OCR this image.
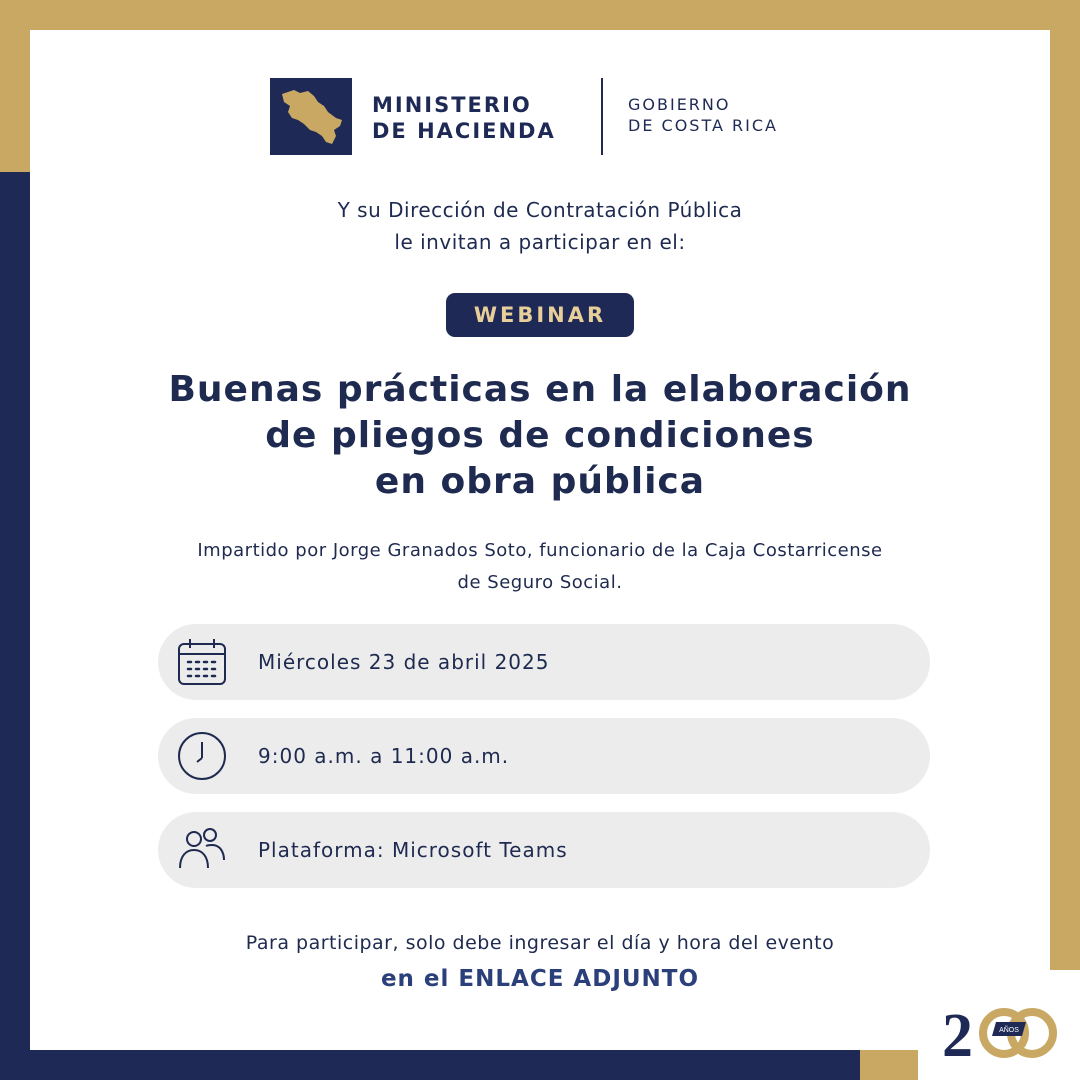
MINISTERIO
DE HACIENDA
GOBIERNO
DE COSTA RICA
Y su Dirección de Contratación Pública
le invitan a participar en el:
WEBINAR
Buenas prácticas en la elaboración
de pliegos de condiciones
en obra pública
Impartido por Jorge Granados Soto, funcionario de la Caja Costarricense
de Seguro Social.
Miércoles 23 de abril 2025
9:00 a.m. a 11:00 a.m.
Plataforma: Microsoft Teams
Para participar, solo debe ingresar el día y hora del evento
en el ENLACE ADJUNTO
2	AÑOS
